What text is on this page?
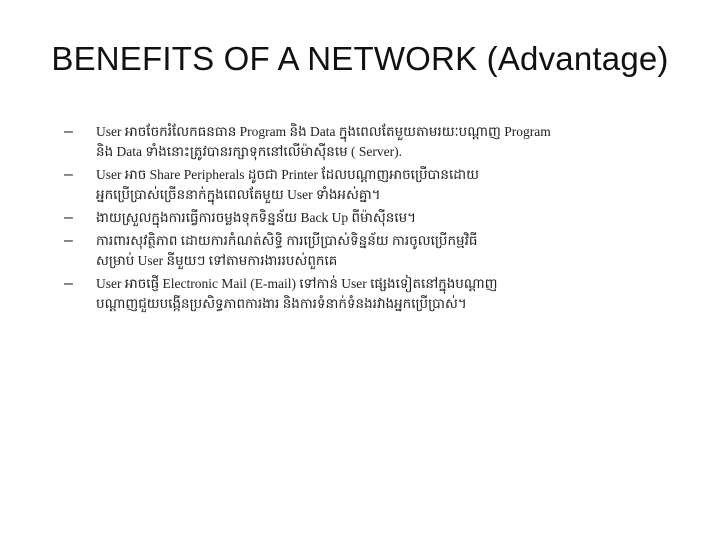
BENEFITS OF A NETWORK (Advantage)
– User អាចចែករំលែកធនធាន Program និង Data ក្នុងពេលតែមួយតាមរយៈបណ្តាញ Program
និង Data ទាំងនោះត្រូវបានរក្សាទុកនៅលើម៉ាស៊ីនមេ ( Server).
– User អាច Share Peripherals ដូចជា Printer ដែលបណ្ដាញអាចប្រើបានដោយ
អ្នកប្រើប្រាស់ច្រើននាក់ក្នុងពេលតែមួយ User ទាំងអស់គ្នា។
– ងាយស្រួលក្នុងការធ្វើការចម្លងទុកទិន្នន័យ Back Up ពីម៉ាស៊ីនមេ។
– ការពារសុវត្ថិភាព ដោយការកំណត់សិទ្ធិ ការប្រើប្រាស់ទិន្នន័យ ការចូលប្រើកម្មវិធី
សម្រាប់ User នីមួយៗ ទៅតាមការងាររបស់ពួកគេ
– User អាចផ្ញើ Electronic Mail (E-mail) ទៅកាន់ User ផ្សេងទៀតនៅក្នុងបណ្ដាញ
បណ្ដាញជួយបង្កើនប្រសិទ្ធភាពការងារ និងការទំនាក់ទំនងរវាងអ្នកប្រើប្រាស់។
